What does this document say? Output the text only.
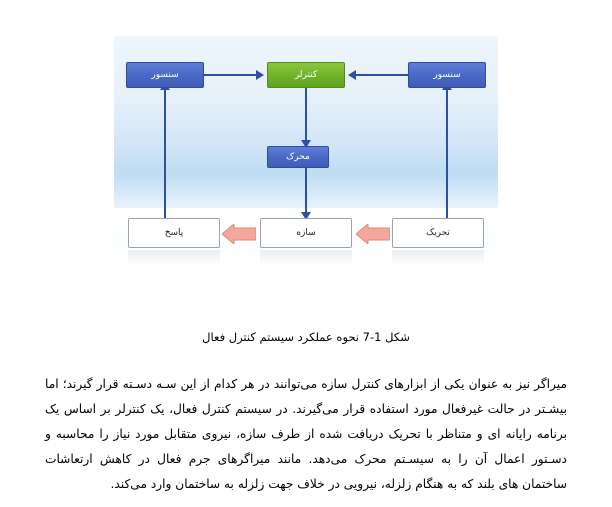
سنسور
سنسور	کنترلر
محرک
تحریک
سازه
پاسخ
شکل 1-7 نحوه عملکرد سیستم کنترل فعال

میراگر نیز به عنوان یکی از ابزارهای کنترل سازه می‌توانند در هر کدام از این سـه دسـته قرار گیرند؛ اما بیشـتر در حالت غیرفعال مورد استفاده قرار می‌گیرند. در سیستم کنترل فعال، یک کنترلر بر اساس یک برنامه رایانه ای و متناظر با تحریک دریافت شده از طرف سازه، نیروی متقابل مورد نیاز را محاسبه و دسـتور اعمال آن را به سیسـتم محرک می‌دهد. مانند میراگرهای جرم فعال در کاهش ارتعاشات ساختمان های بلند که به هنگام زلزله، نیرویی در خلاف جهت زلزله به ساختمان وارد می‌کند.
